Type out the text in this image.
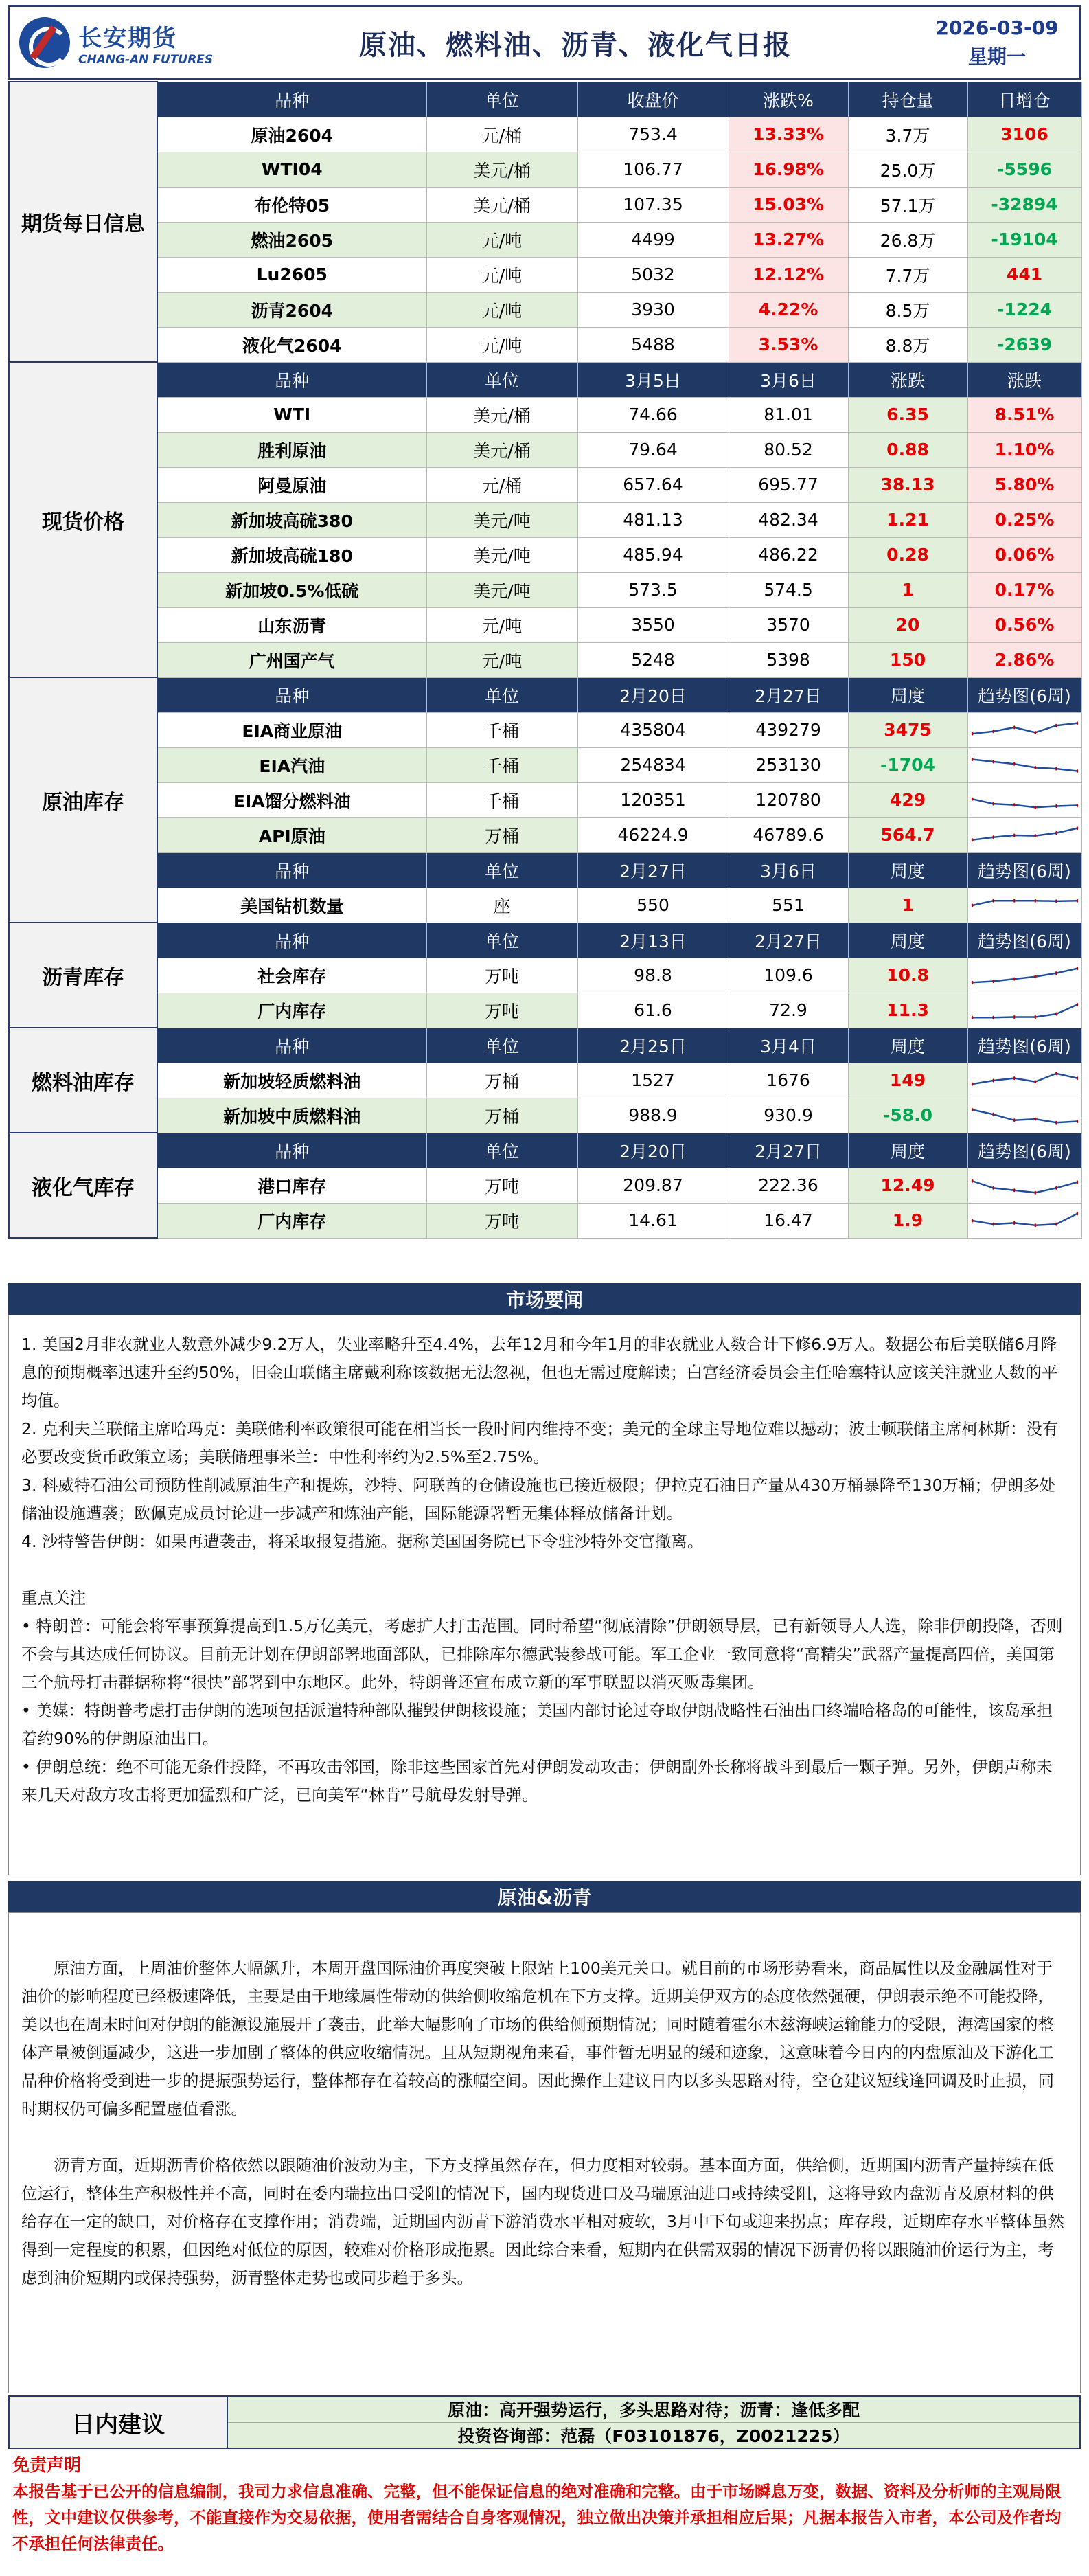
长安期货
CHANG-AN FUTURES	原油、燃料油、沥青、液化气日报
2026-03-09
星期一
期货每日信息	品种	单位	收盘价	涨跌%	持仓量	日增仓
	原油2604	元/桶	753.4	13.33%	3.7万	3106
	WTI04	美元/桶	106.77	16.98%	25.0万	-5596
	布伦特05	美元/桶	107.35	15.03%	57.1万	-32894
	燃油2605	元/吨	4499	13.27%	26.8万	-19104
	Lu2605	元/吨	5032	12.12%	7.7万	441
	沥青2604	元/吨	3930	4.22%	8.5万	-1224
	液化气2604	元/吨	5488	3.53%	8.8万	-2639
现货价格	品种	单位	3月5日	3月6日	涨跌	涨跌
	WTI	美元/桶	74.66	81.01	6.35	8.51%
	胜利原油	美元/桶	79.64	80.52	0.88	1.10%
	阿曼原油	元/桶	657.64	695.77	38.13	5.80%
	新加坡高硫380	美元/吨	481.13	482.34	1.21	0.25%
	新加坡高硫180	美元/吨	485.94	486.22	0.28	0.06%
	新加坡0.5%低硫	美元/吨	573.5	574.5	1	0.17%
	山东沥青	元/吨	3550	3570	20	0.56%
	广州国产气	元/吨	5248	5398	150	2.86%
原油库存	品种	单位	2月20日	2月27日	周度	趋势图(6周)
	EIA商业原油	千桶	435804	439279	3475	

	EIA汽油	千桶	254834	253130	-1704	

	EIA馏分燃料油	千桶	120351	120780	429	

	API原油	万桶	46224.9	46789.6	564.7	

	品种	单位	2月27日	3月6日	周度	趋势图(6周)
	美国钻机数量	座	550	551	1	

沥青库存	品种	单位	2月13日	2月27日	周度	趋势图(6周)
	社会库存	万吨	98.8	109.6	10.8	

	厂内库存	万吨	61.6	72.9	11.3	

燃料油库存	品种	单位	2月25日	3月4日	周度	趋势图(6周)
	新加坡轻质燃料油	万桶	1527	1676	149	

	新加坡中质燃料油	万桶	988.9	930.9	-58.0	

液化气库存	品种	单位	2月20日	2月27日	周度	趋势图(6周)
	港口库存	万吨	209.87	222.36	12.49	

	厂内库存	万吨	14.61	16.47	1.9	
市场要闻

1. 美国2月非农就业人数意外减少9.2万人，失业率略升至4.4%，去年12月和今年1月的非农就业人数合计下修6.9万人。数据公布后美联储6月降息的预期概率迅速升至约50%，旧金山联储主席戴利称该数据无法忽视，但也无需过度解读；白宫经济委员会主任哈塞特认应该关注就业人数的平均值。

2. 克利夫兰联储主席哈玛克：美联储利率政策很可能在相当长一段时间内维持不变；美元的全球主导地位难以撼动；波士顿联储主席柯林斯：没有必要改变货币政策立场；美联储理事米兰：中性利率约为2.5%至2.75%。

3. 科威特石油公司预防性削减原油生产和提炼，沙特、阿联酋的仓储设施也已接近极限；伊拉克石油日产量从430万桶暴降至130万桶；伊朗多处储油设施遭袭；欧佩克成员讨论进一步减产和炼油产能，国际能源署暂无集体释放储备计划。

4. 沙特警告伊朗：如果再遭袭击，将采取报复措施。据称美国国务院已下令驻沙特外交官撤离。

重点关注

• 特朗普：可能会将军事预算提高到1.5万亿美元，考虑扩大打击范围。同时希望“彻底清除”伊朗领导层，已有新领导人人选，除非伊朗投降，否则不会与其达成任何协议。目前无计划在伊朗部署地面部队，已排除库尔德武装参战可能。军工企业一致同意将“高精尖”武器产量提高四倍，美国第三个航母打击群据称将“很快”部署到中东地区。此外，特朗普还宣布成立新的军事联盟以消灭贩毒集团。

• 美媒：特朗普考虑打击伊朗的选项包括派遣特种部队摧毁伊朗核设施；美国内部讨论过夺取伊朗战略性石油出口终端哈格岛的可能性，该岛承担着约90%的伊朗原油出口。

• 伊朗总统：绝不可能无条件投降，不再攻击邻国，除非这些国家首先对伊朗发动攻击；伊朗副外长称将战斗到最后一颗子弹。另外，伊朗声称未来几天对敌方攻击将更加猛烈和广泛，已向美军“林肯”号航母发射导弹。

原油&沥青

原油方面，上周油价整体大幅飙升，本周开盘国际油价再度突破上限站上100美元关口。就目前的市场形势看来，商品属性以及金融属性对于油价的影响程度已经极速降低，主要是由于地缘属性带动的供给侧收缩危机在下方支撑。近期美伊双方的态度依然强硬，伊朗表示绝不可能投降，美以也在周末时间对伊朗的能源设施展开了袭击，此举大幅影响了市场的供给侧预期情况；同时随着霍尔木兹海峡运输能力的受限，海湾国家的整体产量被倒逼减少，这进一步加剧了整体的供应收缩情况。且从短期视角来看，事件暂无明显的缓和迹象，这意味着今日内的内盘原油及下游化工品种价格将受到进一步的提振强势运行，整体都存在着较高的涨幅空间。因此操作上建议日内以多头思路对待，空仓建议短线逢回调及时止损，同时期权仍可偏多配置虚值看涨。

沥青方面，近期沥青价格依然以跟随油价波动为主，下方支撑虽然存在，但力度相对较弱。基本面方面，供给侧，近期国内沥青产量持续在低位运行，整体生产积极性并不高，同时在委内瑞拉出口受阻的情况下，国内现货进口及马瑞原油进口或持续受阻，这将导致内盘沥青及原材料的供给存在一定的缺口，对价格存在支撑作用；消费端，近期国内沥青下游消费水平相对疲软，3月中下旬或迎来拐点；库存段，近期库存水平整体虽然得到一定程度的积累，但因绝对低位的原因，较难对价格形成拖累。因此综合来看，短期内在供需双弱的情况下沥青仍将以跟随油价运行为主，考虑到油价短期内或保持强势，沥青整体走势也或同步趋于多头。

日内建议
原油：高开强势运行，多头思路对待；沥青：逢低多配
投资咨询部：范磊（F03101876，Z0021225）
免责声明
本报告基于已公开的信息编制，我司力求信息准确、完整，但不能保证信息的绝对准确和完整。由于市场瞬息万变，数据、资料及分析师的主观局限性，文中建议仅供参考，不能直接作为交易依据，使用者需结合自身客观情况，独立做出决策并承担相应后果；凡据本报告入市者，本公司及作者均不承担任何法律责任。
